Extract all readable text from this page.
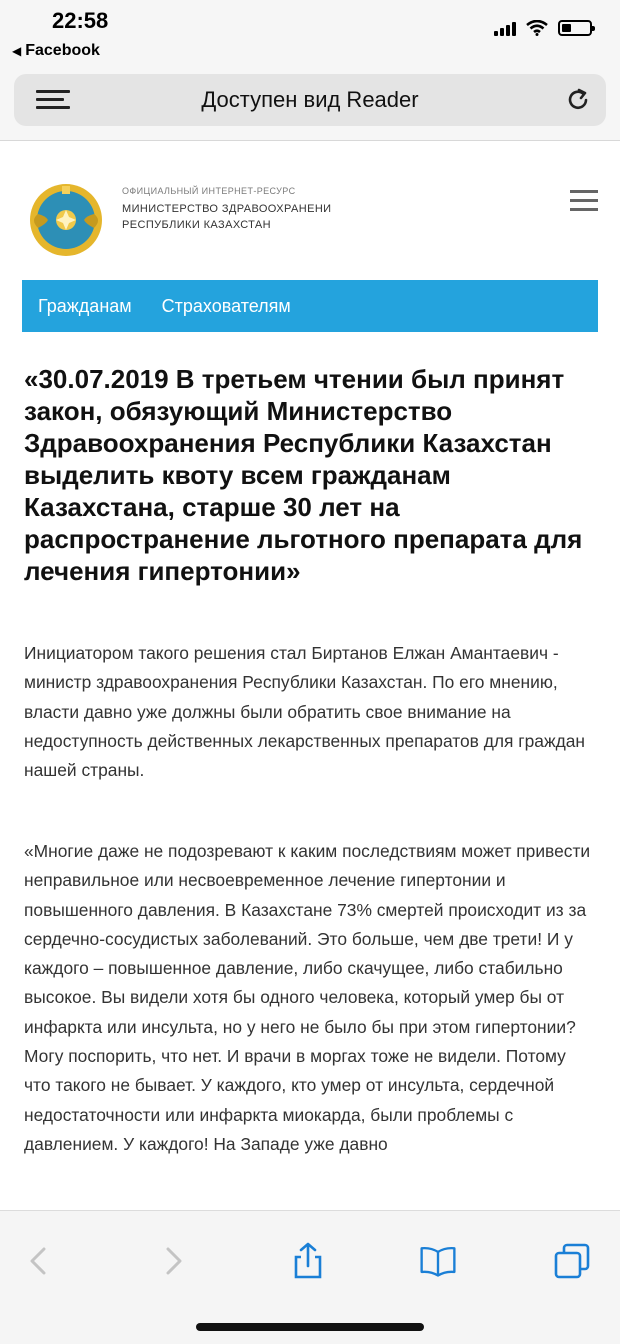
22:58
◀ Facebook
Доступен вид Reader
ОФИЦИАЛЬНЫЙ ИНТЕРНЕТ-РЕСУРС
МИНИСТЕРСТВО ЗДРАВООХРАНЕНИ
РЕСПУБЛИКИ КАЗАХСТАН
Гражданам Страхователям
«30.07.2019 В третьем чтении был принят закон, обязующий Министерство Здравоохранения Республики Казахстан выделить квоту всем гражданам Казахстана, старше 30 лет на распространение льготного препарата для лечения гипертонии»

Инициатором такого решения стал Биртанов Елжан Амантаевич - министр здравоохранения Республики Казахстан. По его мнению, власти давно уже должны были обратить свое внимание на недоступность действенных лекарственных препаратов для граждан нашей страны.

«Многие даже не подозревают к каким последствиям может привести неправильное или несвоевременное лечение гипертонии и повышенного давления. В Казахстане 73% смертей происходит из за сердечно-сосудистых заболеваний. Это больше, чем две трети! И у каждого – повышенное давление, либо скачущее, либо стабильно высокое. Вы видели хотя бы одного человека, который умер бы от инфаркта или инсульта, но у него не было бы при этом гипертонии? Могу поспорить, что нет. И врачи в моргах тоже не видели. Потому что такого не бывает. У каждого, кто умер от инсульта, сердечной недостаточности или инфаркта миокарда, были проблемы с давлением. У каждого! На Западе уже давно
